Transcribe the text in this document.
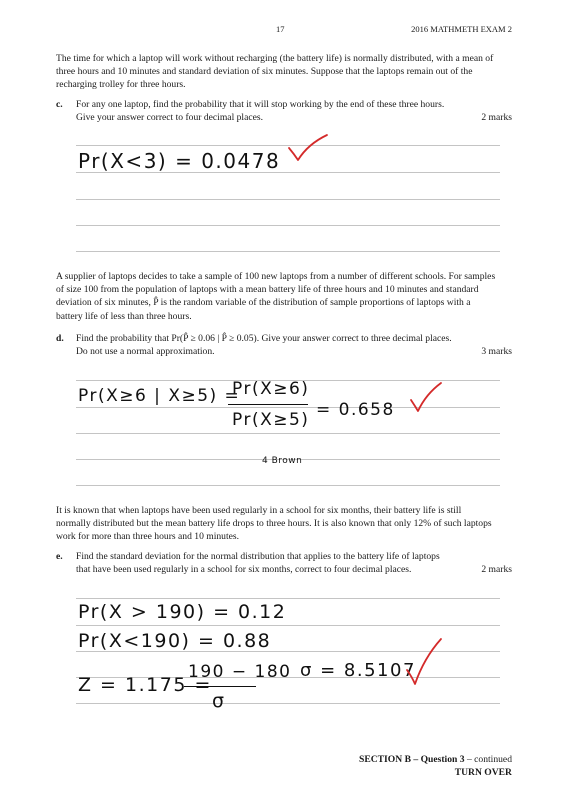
17	2016 MATHMETH EXAM 2
The time for which a laptop will work without recharging (the battery life) is normally distributed, with a mean of three hours and 10 minutes and standard deviation of six minutes. Suppose that the laptops remain out of the recharging trolley for three hours.
c. For any one laptop, find the probability that it will stop working by the end of these three hours. Give your answer correct to four decimal places.	2 marks
Pr(X<3) = 0.0478
A supplier of laptops decides to take a sample of 100 new laptops from a number of different schools. For samples of size 100 from the population of laptops with a mean battery life of three hours and 10 minutes and standard deviation of six minutes, P̂ is the random variable of the distribution of sample proportions of laptops with a battery life of less than three hours.
d. Find the probability that Pr(P̂ ≥ 0.06 | P̂ ≥ 0.05). Give your answer correct to three decimal places. Do not use a normal approximation.	3 marks
Pr(X≥6 | X≥5) =
Pr(X≥6)
Pr(X≥5) = 0.658
4 Brown
It is known that when laptops have been used regularly in a school for six months, their battery life is still normally distributed but the mean battery life drops to three hours. It is also known that only 12% of such laptops work for more than three hours and 10 minutes.
e. Find the standard deviation for the normal distribution that applies to the battery life of laptops that have been used regularly in a school for six months, correct to four decimal places.	2 marks
Pr(X > 190) = 0.12
Pr(X<190) = 0.88
Z = 1.175 =
190 − 180
σ
σ = 8.5107
SECTION B – Question 3 – continued
TURN OVER
